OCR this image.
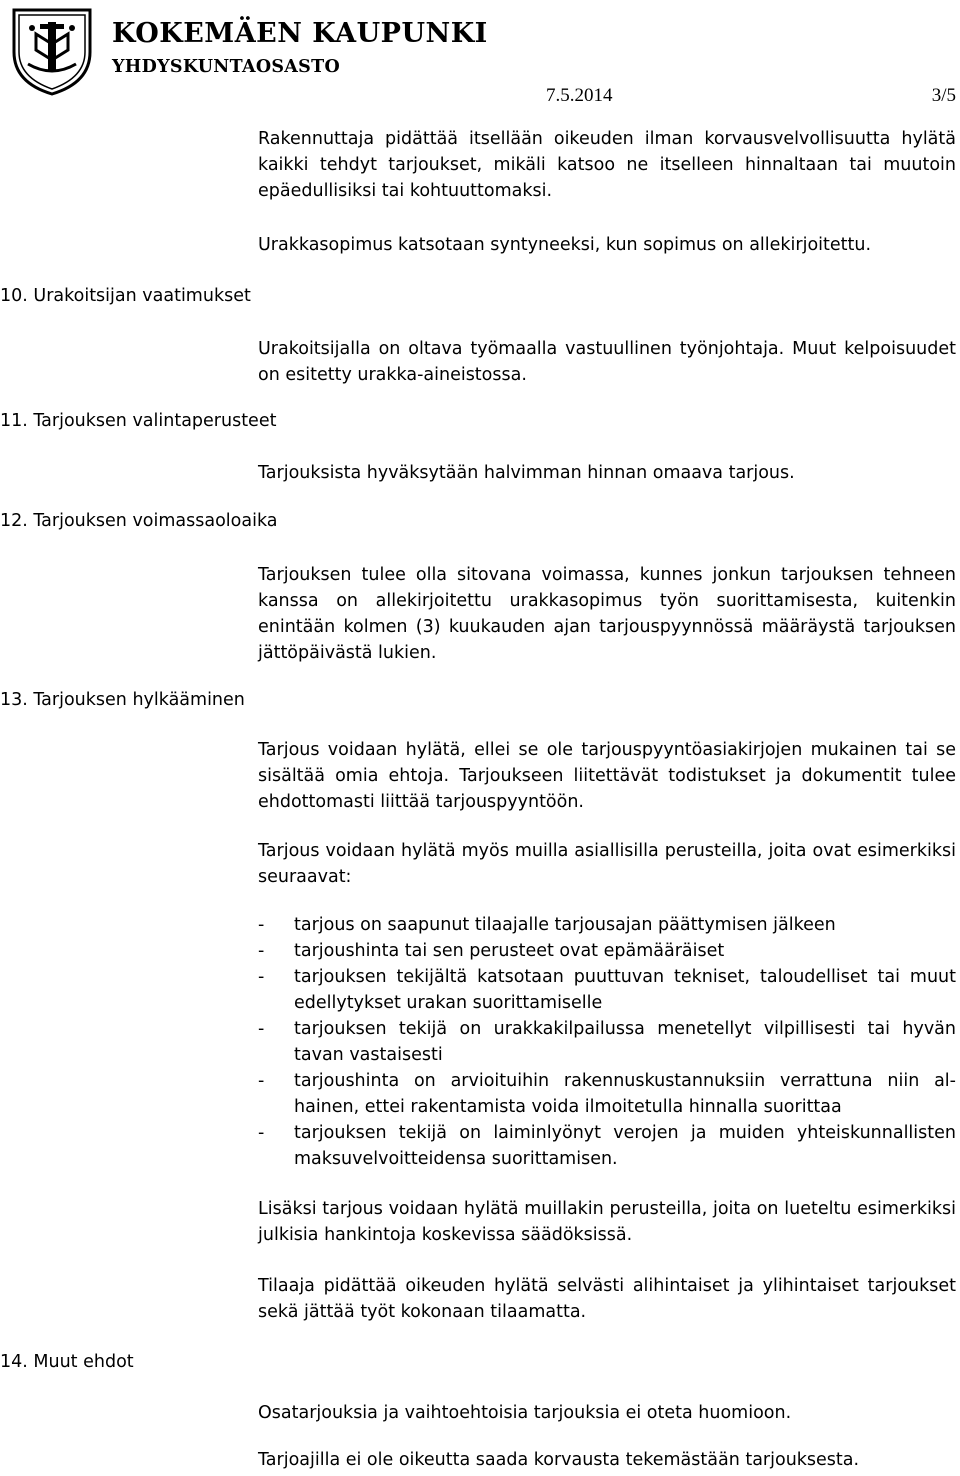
KOKEMÄEN KAUPUNKI
YHDYSKUNTAOSASTO
7.5.2014	3/5
10. Urakoitsijan vaatimukset
11. Tarjouksen valintaperusteet
12. Tarjouksen voimassaoloaika
13. Tarjouksen hylkääminen
14. Muut ehdot

Rakennuttaja pidättää itsellään oikeuden ilman korvausvelvollisuutta hylätä kaikki tehdyt tarjoukset, mikäli katsoo ne itselleen hinnaltaan tai muutoin epäedullisiksi tai kohtuuttomaksi.

Urakkasopimus katsotaan syntyneeksi, kun sopimus on allekirjoitettu.

Urakoitsijalla on oltava työmaalla vastuullinen työnjohtaja. Muut kelpoisuudet on esitetty urakka-aineistossa.

Tarjouksista hyväksytään halvimman hinnan omaava tarjous.

Tarjouksen tulee olla sitovana voimassa, kunnes jonkun tarjouksen tehneen kanssa on allekirjoitettu urakkasopimus työn suorittamisesta, kuitenkin enintään kolmen (3) kuukauden ajan tarjouspyynnössä määräystä tarjouksen jättöpäivästä lukien.

Tarjous voidaan hylätä, ellei se ole tarjouspyyntöasiakirjojen mukainen tai se sisältää omia ehtoja. Tarjoukseen liitettävät todistukset ja dokumentit tulee ehdottomasti liittää tarjouspyyntöön.

Tarjous voidaan hylätä myös muilla asiallisilla perusteilla, joita ovat esimerkiksi seuraavat:

- tarjous on saapunut tilaajalle tarjousajan päättymisen jälkeen
- tarjoushinta tai sen perusteet ovat epämääräiset
- tarjouksen tekijältä katsotaan puuttuvan tekniset, taloudelliset tai muut edellytykset urakan suorittamiselle
- tarjouksen tekijä on urakkakilpailussa menetellyt vilpillisesti tai hyvän tavan vastaisesti
- tarjoushinta on arvioituihin rakennuskustannuksiin verrattuna niin alhainen, ettei rakentamista voida ilmoitetulla hinnalla suorittaa
- tarjouksen tekijä on laiminlyönyt verojen ja muiden yhteiskunnallisten maksuvelvoitteidensa suorittamisen.

Lisäksi tarjous voidaan hylätä muillakin perusteilla, joita on lueteltu esimerkiksi julkisia hankintoja koskevissa säädöksissä.

Tilaaja pidättää oikeuden hylätä selvästi alihintaiset ja ylihintaiset tarjoukset sekä jättää työt kokonaan tilaamatta.

Osatarjouksia ja vaihtoehtoisia tarjouksia ei oteta huomioon.

Tarjoajilla ei ole oikeutta saada korvausta tekemästään tarjouksesta.
